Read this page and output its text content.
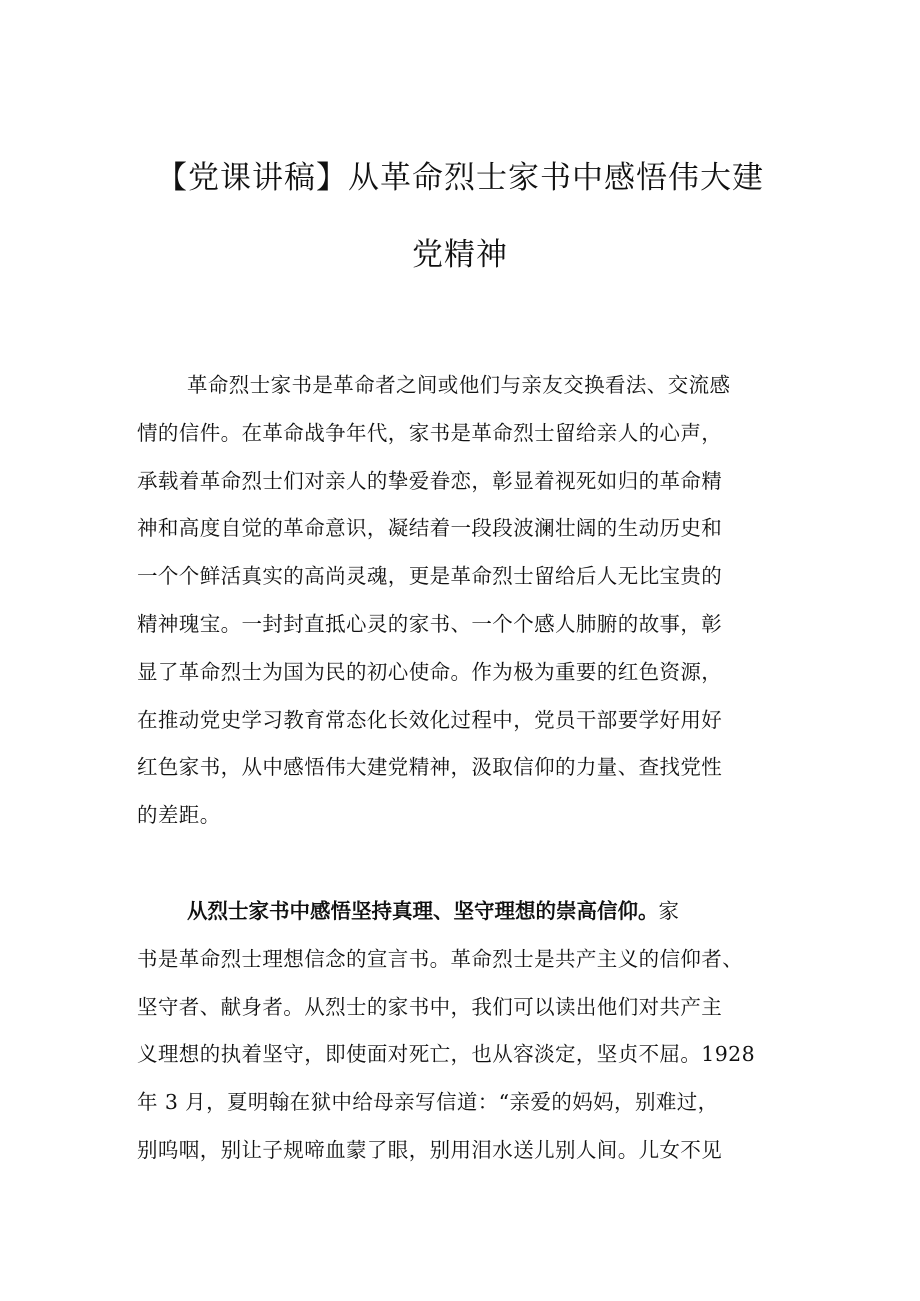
【党课讲稿】从革命烈士家书中感悟伟大建
党精神
革命烈士家书是革命者之间或他们与亲友交换看法、交流感
情的信件。在革命战争年代，家书是革命烈士留给亲人的心声，
承载着革命烈士们对亲人的挚爱眷恋，彰显着视死如归的革命精
神和高度自觉的革命意识，凝结着一段段波澜壮阔的生动历史和
一个个鲜活真实的高尚灵魂，更是革命烈士留给后人无比宝贵的
精神瑰宝。一封封直抵心灵的家书、一个个感人肺腑的故事，彰
显了革命烈士为国为民的初心使命。作为极为重要的红色资源，
在推动党史学习教育常态化长效化过程中，党员干部要学好用好
红色家书，从中感悟伟大建党精神，汲取信仰的力量、查找党性
的差距。
从烈士家书中感悟坚持真理、坚守理想的崇高信仰。家
书是革命烈士理想信念的宣言书。革命烈士是共产主义的信仰者、
坚守者、献身者。从烈士的家书中，我们可以读出他们对共产主
义理想的执着坚守，即使面对死亡，也从容淡定，坚贞不屈。1928
年 3 月，夏明翰在狱中给母亲写信道：“亲爱的妈妈，别难过，
别呜咽，别让子规啼血蒙了眼，别用泪水送儿别人间。儿女不见
